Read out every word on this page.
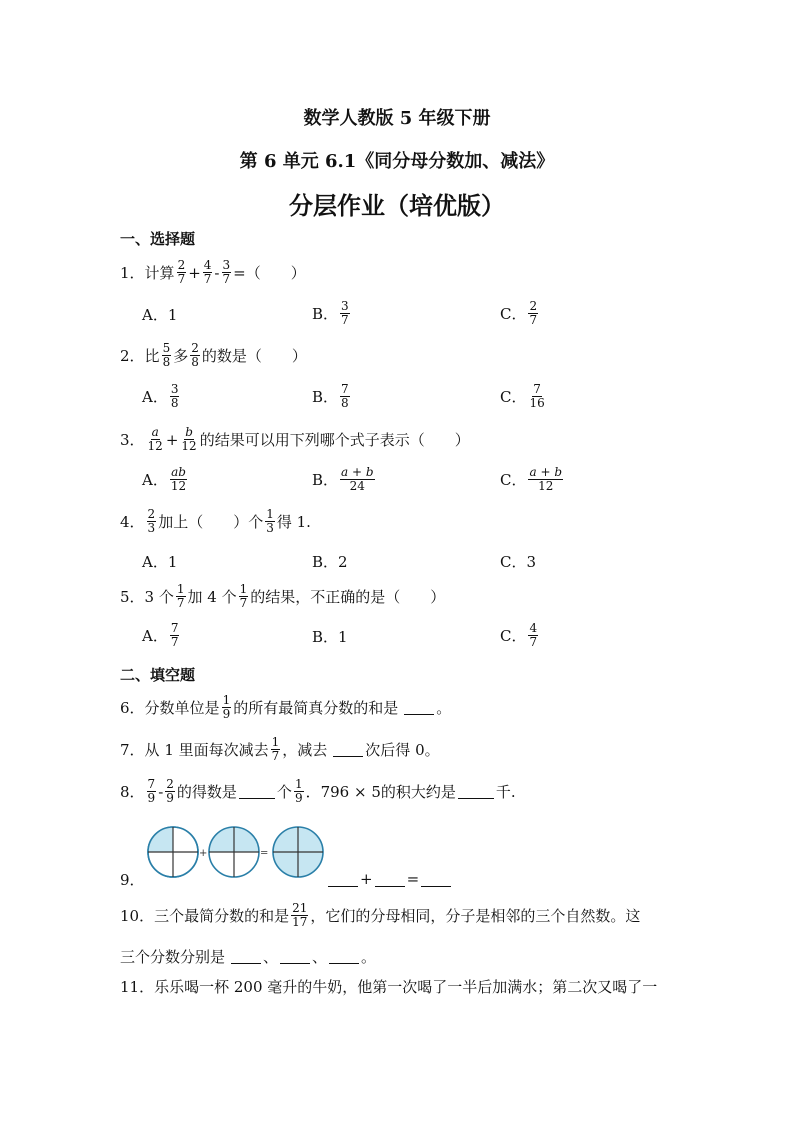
数学人教版 5 年级下册
第 6 单元 6.1《同分母分数加、减法》
分层作业（培优版）
一、选择题
1． 计算 $\frac{2}{7} + \frac{4}{7} - \frac{3}{7}$ =（　　）
A．1	B． $\frac{3}{7}$	C． $\frac{2}{7}$
2． 比 $\frac{5}{8}$ 多 $\frac{2}{8}$ 的数是（　　）
A． $\frac{3}{8}$	B． $\frac{7}{8}$	C． $\frac{7}{16}$
3． $\frac{a}{12} + \frac{b}{12}$ 的结果可以用下列哪个式子表示（　　）
A． $\frac{ab}{12}$	B． $\frac{a + b}{24}$	C． $\frac{a + b}{12}$
4． $\frac{2}{3}$ 加上（　　）个 $\frac{1}{3}$ 得 1.
A．1	B．2	C．3
5． 3 个 $\frac{1}{7}$ 加 4 个 $\frac{1}{7}$ 的结果，不正确的是（　　）
A． $\frac{7}{7}$	B．1	C． $\frac{4}{7}$
二、填空题
6． 分数单位是 $\frac{1}{9}$ 的所有最简真分数的和是	。
7． 从 1 里面每次减去 $\frac{1}{7}$ ，减去	次后得 0。
8． $\frac{7}{9} - \frac{2}{9}$ 的得数是	个 $\frac{1}{9}$ ．796 × 5的积大约是	千.
9．
+	=
+ =
10． 三个最简分数的和是 $\frac{21}{17}$ ，它们的分母相同，分子是相邻的三个自然数。这
三个分数分别是	、 、 。
11． 乐乐喝一杯 200 毫升的牛奶，他第一次喝了一半后加满水；第二次又喝了一
